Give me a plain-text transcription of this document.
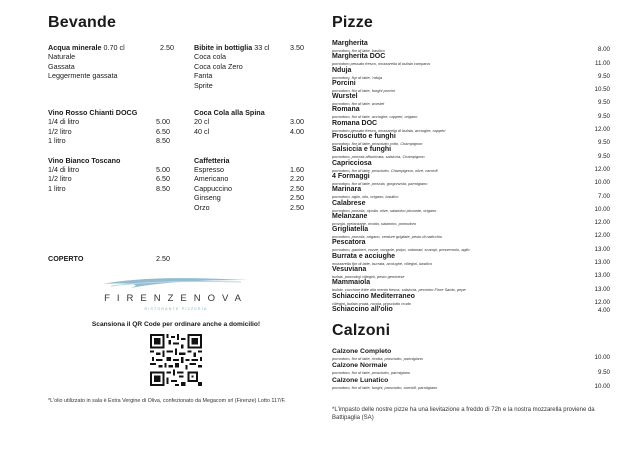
Bevande
Acqua minerale 0.70 cl	2.50
Naturale
Gassata
Leggermente gassata
Bibite in bottiglia 33 cl	3.50
Coca cola
Coca cola Zero
Fanta
Sprite
Vino Rosso Chianti DOCG
1/4 di litro	5.00
1/2 litro	6.50
1 litro	8.50
Coca Cola alla Spina
20 cl	3.00
40 cl	4.00
Vino Bianco Toscano
1/4 di litro	5.00
1/2 litro	6.50
1 litro	8.50
Caffetteria
Espresso	1.60
Americano	2.20
Cappuccino	2.50
Ginseng	2.50
Orzo	2.50
COPERTO	2.50
FIRENZENOVA
RISTORANTE PIZZERIA
Scansiona il QR Code per ordinare anche a domicilio!
*L'olio utilizzato in sala è Extra Vergine di Oliva, confezionato da Megacom srl (Firenze) Lotto 117/F.
Pizze
Margherita
pomodoro, fior di latte, basilico	8.00
Margherita DOC
pomodoro pessato fresco, mozzarella di bufala campana	11.00
Nduja
pomodoro, fior di latte, 'nduja	9.50
Porcini
pomodoro, fior di latte, funghi porcini	10.50
Wurstel
pomodoro, fior di latte, wurstel	9.50
Romana
pomodoro, fior di latte, acciughe, capperi, origano	9.50
Romana DOC
pomodoro pessato fresco, mozzarella di bufala, acciughe, capperi	12.00
Prosciutto e funghi
pomodoro, fior di latte, prosciutto cotto, Champignon	9.50
Salsiccia e funghi
pomodoro, provola affumicata, salsiccia, Champignon	9.50
Capricciosa
pomodoro, fior di latte, prosciutto, Champignon, olive, carciofi	12.00
4 Formaggi
pomodoro, fior di latte, provola, gorgonzola, parmigiano	10.00
Marinara
pomodoro, aglio, olio, origano, basilico	7.00
Calabrese
pomodoro, provola, cipolla, olive, salamino piccante, origano	10.00
Melanzane
provola, melanzane, ricotta, salamino, pomodoro	12.00
Grigliatella
pomodoro, provola, origano, verdure grigliate, pesto di radicchio	12.00
Pescatora
pomodoro, gamberi, cozze, vongole, polpo, calamari, scampi, prezzemolo, aglio	13.00
Burrata e acciughe
mozzarella fior di latte, burrata, acciughe, ciliegini, basilico	13.00
Vesuviana
bufala, pomodori ciliegini, pesto genovese	13.00
Mammaiola
bufala, zucchine fritte alla menta fresca, salsiccia, pecorino Fiore Sardo, pepe	13.00
Schiaccino Mediterraneo
ciliegini, bufala cruda, rucola, prosciutto crudo	12.00
Schiaccino all'olio	4.00
Calzoni
Calzone Completo
pomodoro, fior di latte, ricotta, prosciutto, parmigiano	10.00
Calzone Normale
pomodoro, fior di latte, prosciutto, parmigiano	9.50
Calzone Lunatico
pomodoro, fior di latte, funghi, prosciutto, carciofi, parmigiano	10.00
*L'impasto delle nostre pizze ha una lievitazione a freddo di 72h e la nostra mozzarella proviene da Battipaglia (SA)
